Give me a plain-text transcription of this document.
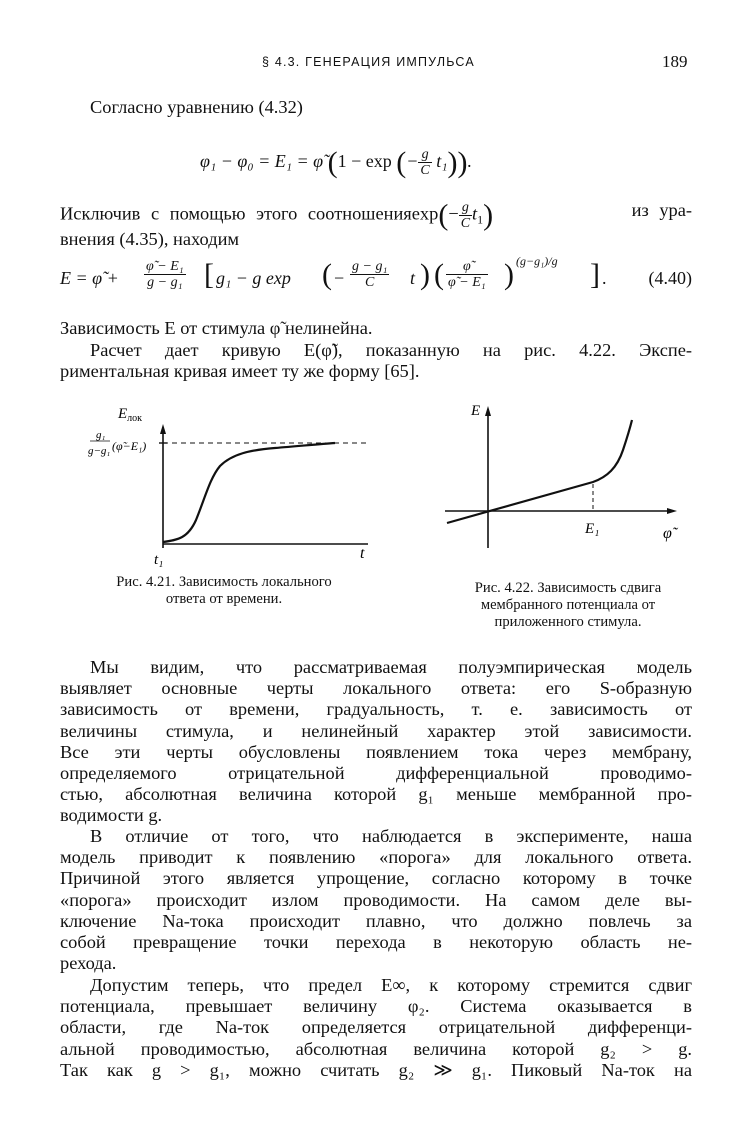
§ 4.3. ГЕНЕРАЦИЯ ИМПУЛЬСА	189
Согласно уравнению (4.32)
φ₁ − φ₀ = E₁ = φ̃ (1 − exp (− $\frac{g}{C} t_1$)).
Исключив с помощью этого соотношенияexp(− $\frac{g}{C} t_1$)	из ура-
внения (4.35), находим
E = φ̃ + $\frac{\text{φ̃ − E₁}}{\text{g − g₁}}$ [ g₁ − g exp ( − $\frac{\text{g − g₁}}{C}$ t ) ( $\frac{\varphĩ}{\text{φ̃ − E₁}}$ ) (g−g₁)/g ] . (4.40)
Зависимость E от стимула φ̃ нелинейна.
Расчет дает кривую E(φ̃), показанную на рис. 4.22. Экспе-
риментальная кривая имеет ту же форму [65].
$E_{лок}$
g₁
g−g₁ (φ̃−E₁)
t₁	t
Рис. 4.21. Зависимость локального
ответа от времени.
E
E₁	φ̃
Рис. 4.22. Зависимость сдвига
мембранного потенциала от
приложенного стимула.
Мы видим, что рассматриваемая полуэмпирическая модель
выявляет основные черты локального ответа: его S-образную
зависимость от времени, градуальность, т. е. зависимость от
величины стимула, и нелинейный характер этой зависимости.
Все эти черты обусловлены появлением тока через мембрану,
определяемого отрицательной дифференциальной проводимо-
стью, абсолютная величина которой g₁ меньше мембранной про-
водимости g.
В отличие от того, что наблюдается в эксперименте, наша
модель приводит к появлению «порога» для локального ответа.
Причиной этого является упрощение, согласно которому в точке
«порога» происходит излом проводимости. На самом деле вы-
ключение Na-тока происходит плавно, что должно повлечь за
собой превращение точки перехода в некоторую область не-
рехода.
Допустим теперь, что предел E∞, к которому стремится сдвиг
потенциала, превышает величину φ₂. Система оказывается в
области, где Na-ток определяется отрицательной дифференци-
альной проводимостью, абсолютная величина которой g₂ > g.
Так как g > g₁, можно считать g₂ ≫ g₁. Пиковый Na-ток на
